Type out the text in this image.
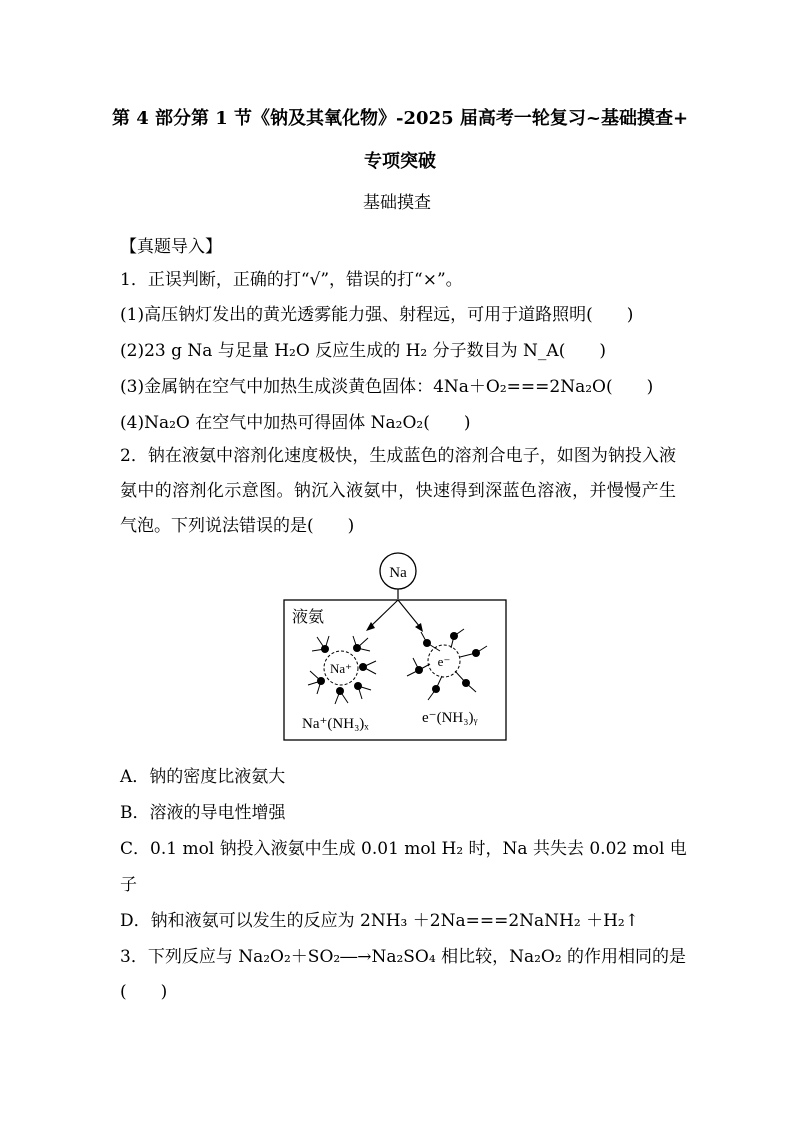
第 4 部分第 1 节《钠及其氧化物》-2025 届高考一轮复习~基础摸查+
专项突破
基础摸查
【真题导入】
1．正误判断，正确的打“√”，错误的打“×”。
(1)高压钠灯发出的黄光透雾能力强、射程远，可用于道路照明(　　)
(2)23 g Na 与足量 H₂O 反应生成的 H₂ 分子数目为 N_A(　　)
(3)金属钠在空气中加热生成淡黄色固体：4Na＋O₂===2Na₂O(　　)
(4)Na₂O 在空气中加热可得固体 Na₂O₂(　　)
2．钠在液氨中溶剂化速度极快，生成蓝色的溶剂合电子，如图为钠投入液氨中的溶剂化示意图。钠沉入液氨中，快速得到深蓝色溶液，并慢慢产生气泡。下列说法错误的是(　　)
Na
液氨
Na⁺
Na⁺(NH₃)ₓ
e⁻
e⁻(NH₃)ᵧ
A．钠的密度比液氨大
B．溶液的导电性增强
C．0.1 mol 钠投入液氨中生成 0.01 mol H₂ 时，Na 共失去 0.02 mol 电
子
D．钠和液氨可以发生的反应为 2NH₃ ＋2Na===2NaNH₂ ＋H₂↑
3．下列反应与 Na₂O₂＋SO₂―→Na₂SO₄ 相比较，Na₂O₂ 的作用相同的是
(　　)
